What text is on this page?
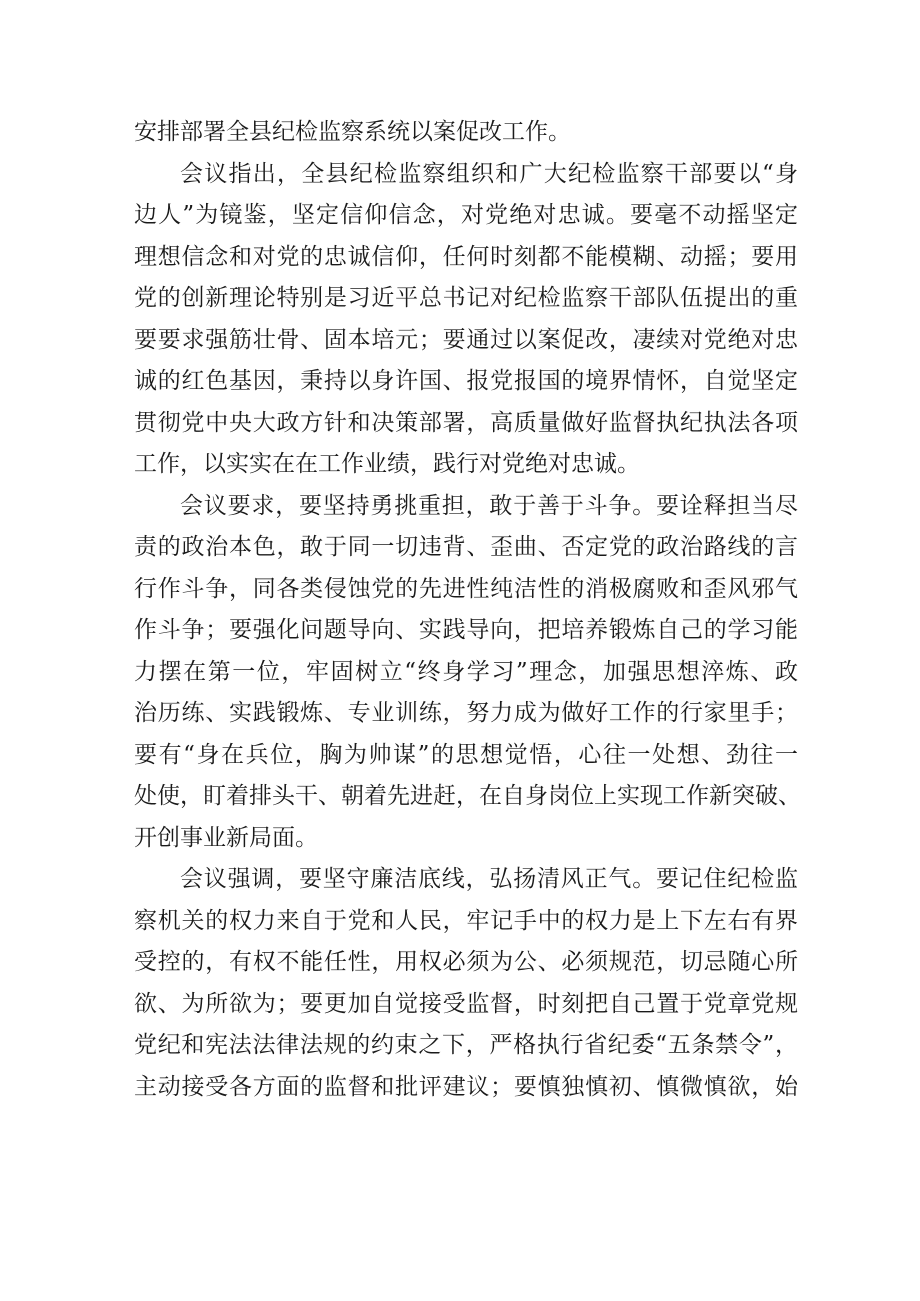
安排部署全县纪检监察系统以案促改工作。
会议指出，全县纪检监察组织和广大纪检监察干部要以“身
边人”为镜鉴，坚定信仰信念，对党绝对忠诚。要毫不动摇坚定
理想信念和对党的忠诚信仰，任何时刻都不能模糊、动摇；要用
党的创新理论特别是习近平总书记对纪检监察干部队伍提出的重
要要求强筋壮骨、固本培元；要通过以案促改，凄续对党绝对忠
诚的红色基因，秉持以身许国、报党报国的境界情怀，自觉坚定
贯彻党中央大政方针和决策部署，高质量做好监督执纪执法各项
工作，以实实在在工作业绩，践行对党绝对忠诚。
会议要求，要坚持勇挑重担，敢于善于斗争。要诠释担当尽
责的政治本色，敢于同一切违背、歪曲、否定党的政治路线的言
行作斗争，同各类侵蚀党的先进性纯洁性的消极腐败和歪风邪气
作斗争；要强化问题导向、实践导向，把培养锻炼自己的学习能
力摆在第一位，牢固树立“终身学习”理念，加强思想淬炼、政
治历练、实践锻炼、专业训练，努力成为做好工作的行家里手；
要有“身在兵位，胸为帅谋”的思想觉悟，心往一处想、劲往一
处使，盯着排头干、朝着先进赶，在自身岗位上实现工作新突破、
开创事业新局面。
会议强调，要坚守廉洁底线，弘扬清风正气。要记住纪检监
察机关的权力来自于党和人民，牢记手中的权力是上下左右有界
受控的，有权不能任性，用权必须为公、必须规范，切忌随心所
欲、为所欲为；要更加自觉接受监督，时刻把自己置于党章党规
党纪和宪法法律法规的约束之下，严格执行省纪委“五条禁令”，
主动接受各方面的监督和批评建议；要慎独慎初、慎微慎欲，始
